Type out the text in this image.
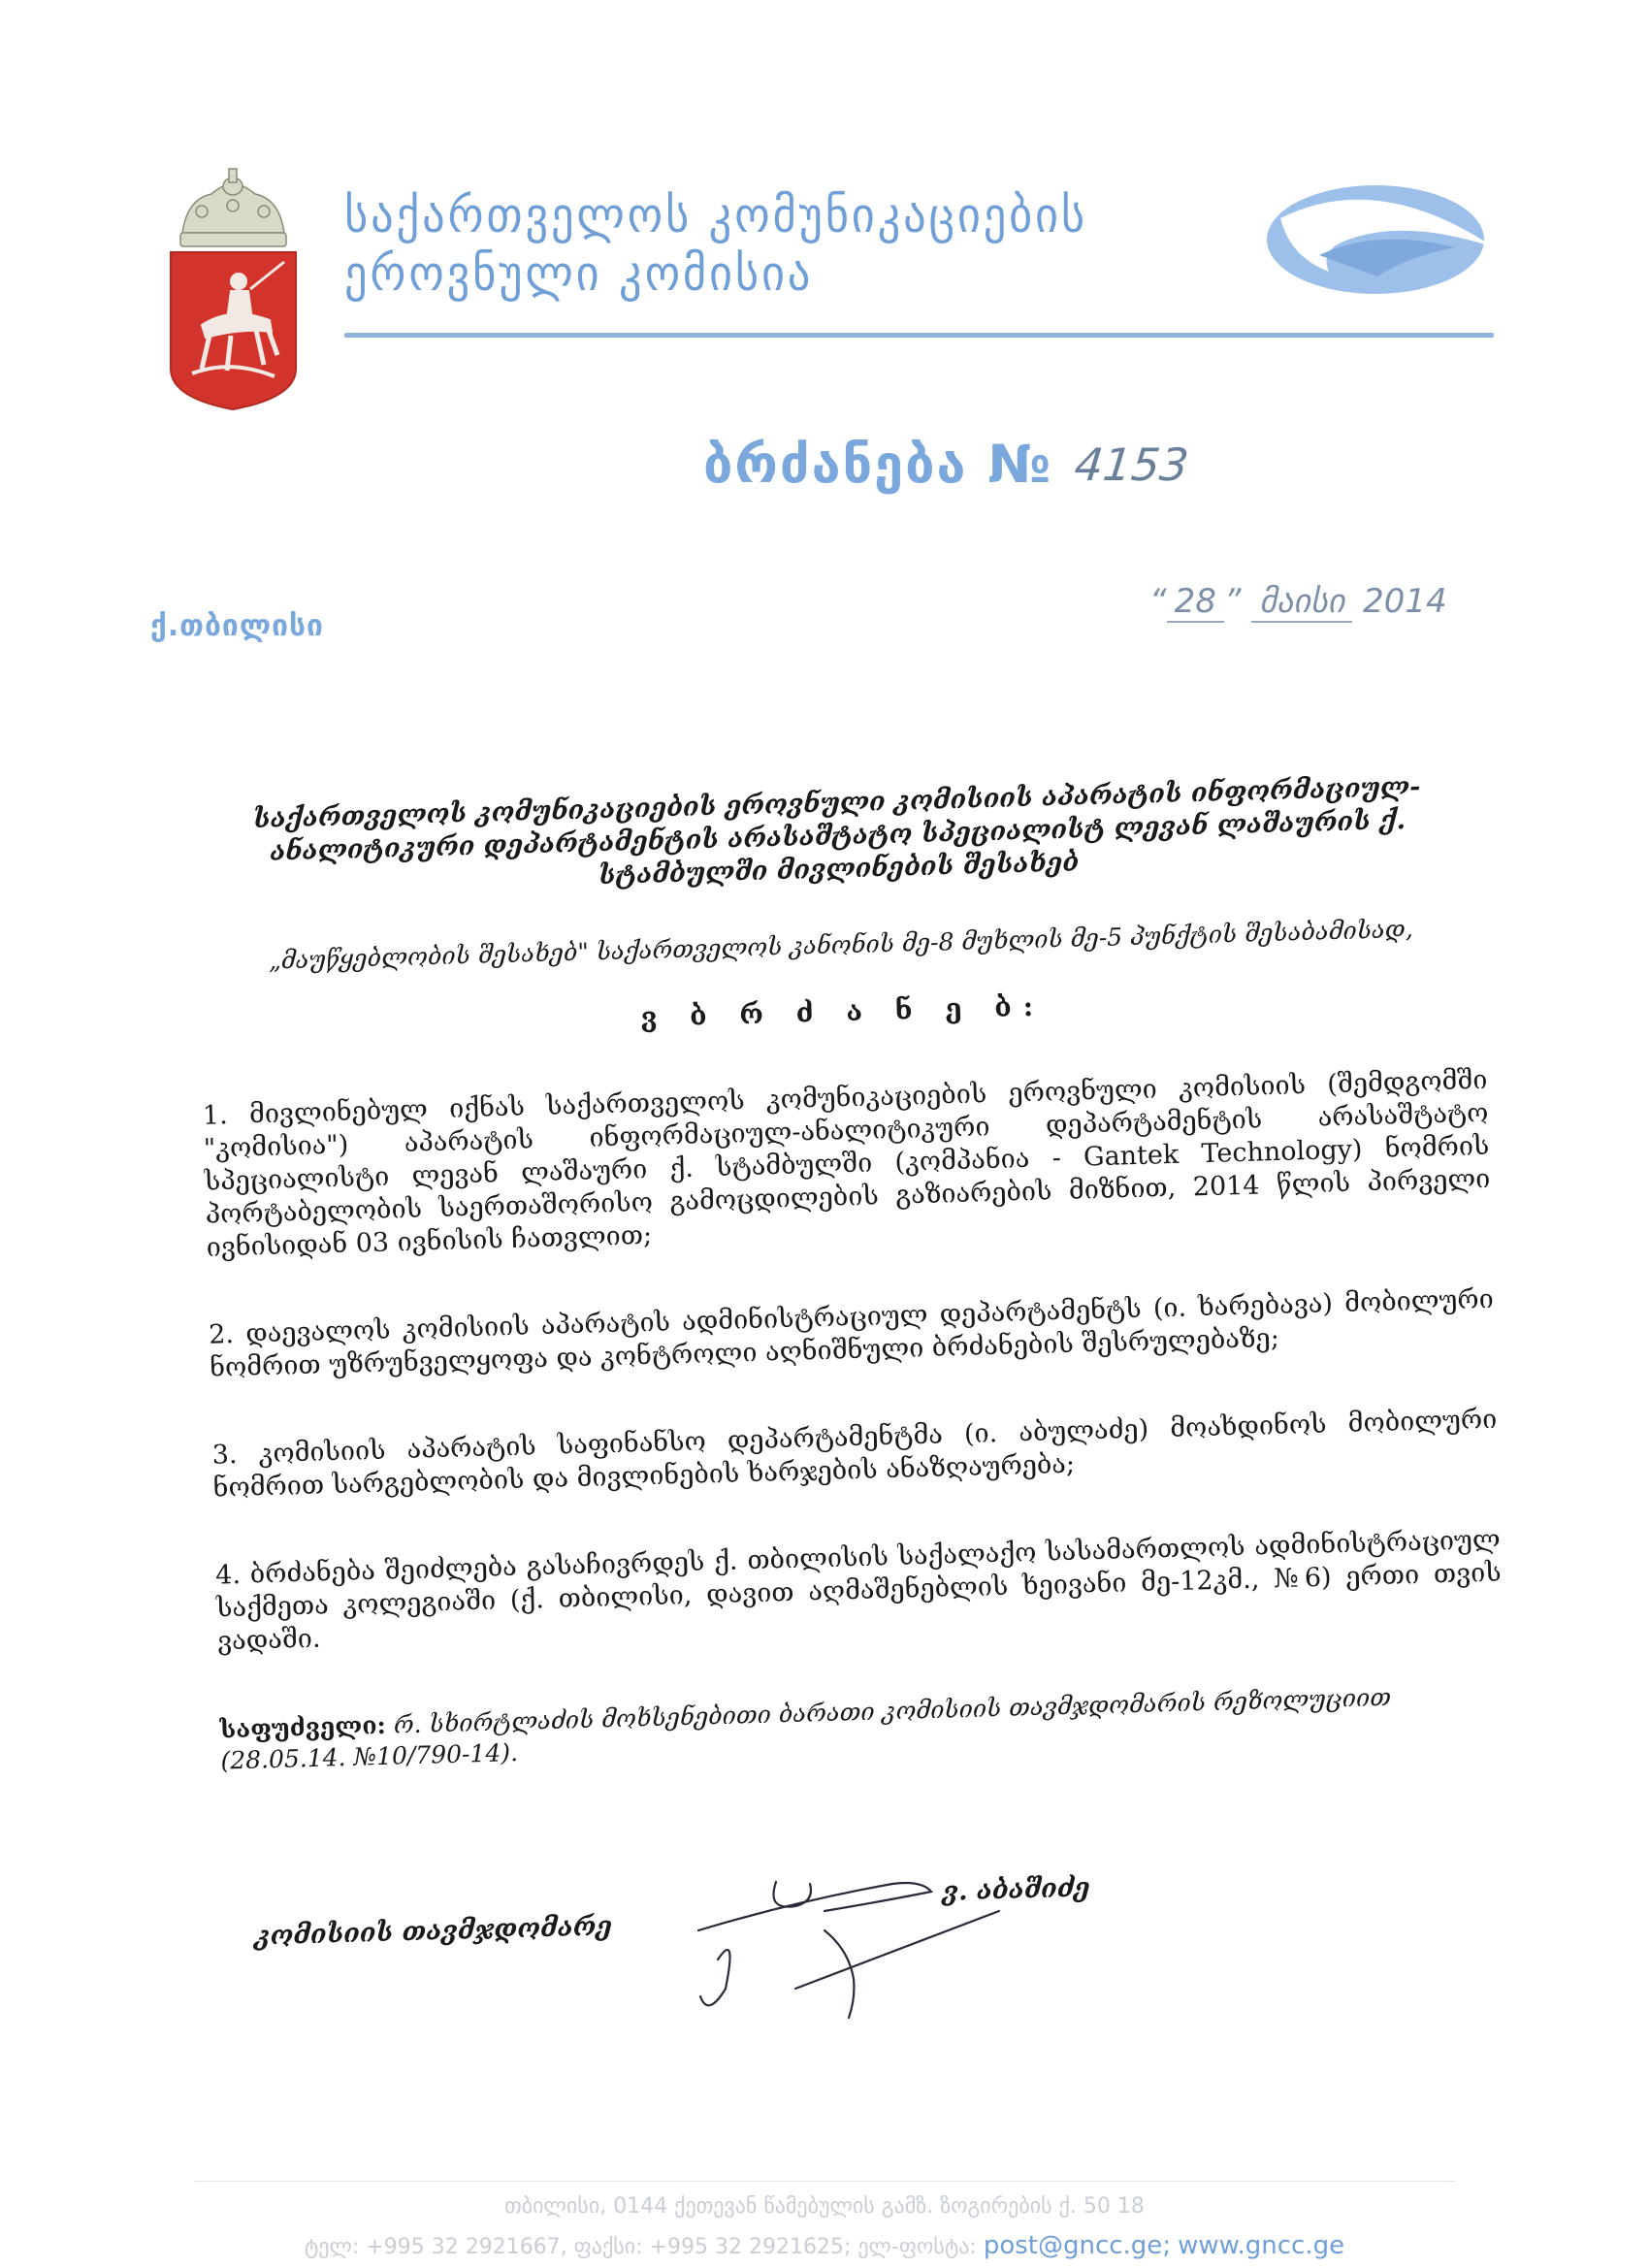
საქართველოს კომუნიკაციების
ეროვნული კომისია
ბრძანება № 4153
ქ.თბილისი
“ 28 ” მაისი 2014
საქართველოს კომუნიკაციების ეროვნული კომისიის აპარატის ინფორმაციულ-ანალიტიკური დეპარტამენტის არასაშტატო სპეციალისტ ლევან ლაშაურის ქ. სტამბულში მივლინების შესახებ
„მაუწყებლობის შესახებ" საქართველოს კანონის მე-8 მუხლის მე-5 პუნქტის შესაბამისად,
ვ ბ რ ძ ა ნ ე ბ:
1. მივლინებულ იქნას საქართველოს კომუნიკაციების ეროვნული კომისიის (შემდგომში "კომისია") აპარატის ინფორმაციულ-ანალიტიკური დეპარტამენტის არასაშტატო სპეციალისტი ლევან ლაშაური ქ. სტამბულში (კომპანია - Gantek Technology) ნომრის პორტაბელობის საერთაშორისო გამოცდილების გაზიარების მიზნით, 2014 წლის პირველი ივნისიდან 03 ივნისის ჩათვლით;
2. დაევალოს კომისიის აპარატის ადმინისტრაციულ დეპარტამენტს (ი. ხარებავა) მობილური ნომრით უზრუნველყოფა და კონტროლი აღნიშნული ბრძანების შესრულებაზე;
3. კომისიის აპარატის საფინანსო დეპარტამენტმა (ი. აბულაძე) მოახდინოს მობილური ნომრით სარგებლობის და მივლინების ხარჯების ანაზღაურება;
4. ბრძანება შეიძლება გასაჩივრდეს ქ. თბილისის საქალაქო სასამართლოს ადმინისტრაციულ საქმეთა კოლეგიაში (ქ. თბილისი, დავით აღმაშენებლის ხეივანი მე-12კმ., №6) ერთი თვის ვადაში.
საფუძველი: რ. სხირტლაძის მოხსენებითი ბარათი კომისიის თავმჯდომარის რეზოლუციით (28.05.14. №10/790-14).
კომისიის თავმჯდომარე
ვ. აბაშიძე
თბილისი, 0144 ქეთევან წამებულის გამზ. ზოგირების ქ. 50 18
ტელ: +995 32 2921667, ფაქსი: +995 32 2921625; ელ-ფოსტა: post@gncc.ge; www.gncc.ge
